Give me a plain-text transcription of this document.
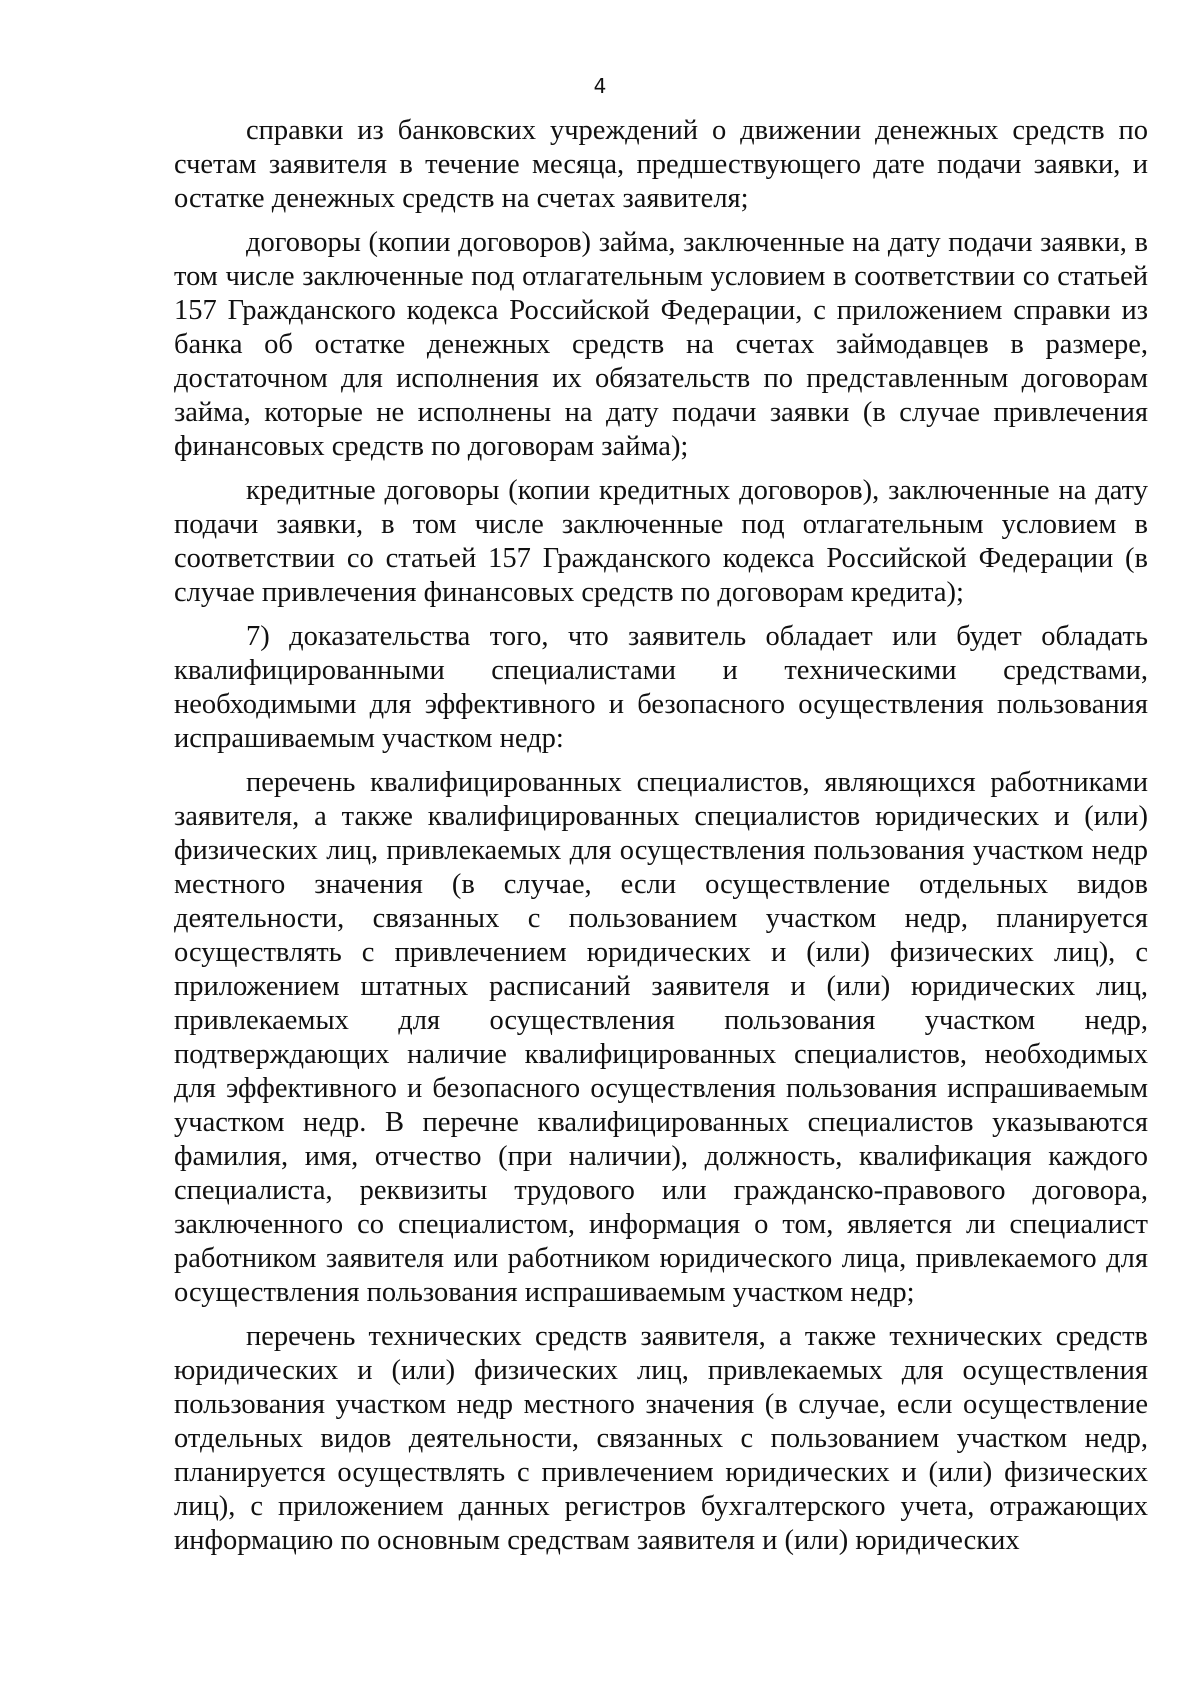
4

справки из банковских учреждений о движении денежных средств по счетам заявителя в течение месяца, предшествующего дате подачи заявки, и остатке денежных средств на счетах заявителя;

договоры (копии договоров) займа, заключенные на дату подачи заявки, в том числе заключенные под отлагательным условием в соответствии со статьей 157 Гражданского кодекса Российской Федерации, с приложением справки из банка об остатке денежных средств на счетах займодавцев в размере, достаточном для исполнения их обязательств по представленным договорам займа, которые не исполнены на дату подачи заявки (в случае привлечения финансовых средств по договорам займа);

кредитные договоры (копии кредитных договоров), заключенные на дату подачи заявки, в том числе заключенные под отлагательным условием в соответствии со статьей 157 Гражданского кодекса Российской Федерации (в случае привлечения финансовых средств по договорам кредита);

7) доказательства того, что заявитель обладает или будет обладать квалифицированными специалистами и техническими средствами, необходимыми для эффективного и безопасного осуществления пользования испрашиваемым участком недр:

перечень квалифицированных специалистов, являющихся работниками заявителя, а также квалифицированных специалистов юридических и (или) физических лиц, привлекаемых для осуществления пользования участком недр местного значения (в случае, если осуществление отдельных видов деятельности, связанных с пользованием участком недр, планируется осуществлять с привлечением юридических и (или) физических лиц), с приложением штатных расписаний заявителя и (или) юридических лиц, привлекаемых для осуществления пользования участком недр, подтверждающих наличие квалифицированных специалистов, необходимых для эффективного и безопасного осуществления пользования испрашиваемым участком недр. В перечне квалифицированных специалистов указываются фамилия, имя, отчество (при наличии), должность, квалификация каждого специалиста, реквизиты трудового или гражданско-правового договора, заключенного со специалистом, информация о том, является ли специалист работником заявителя или работником юридического лица, привлекаемого для осуществления пользования испрашиваемым участком недр;

перечень технических средств заявителя, а также технических средств юридических и (или) физических лиц, привлекаемых для осуществления пользования участком недр местного значения (в случае, если осуществление отдельных видов деятельности, связанных с пользованием участком недр, планируется осуществлять с привлечением юридических и (или) физических лиц), с приложением данных регистров бухгалтерского учета, отражающих информацию по основным средствам заявителя и (или) юридических
